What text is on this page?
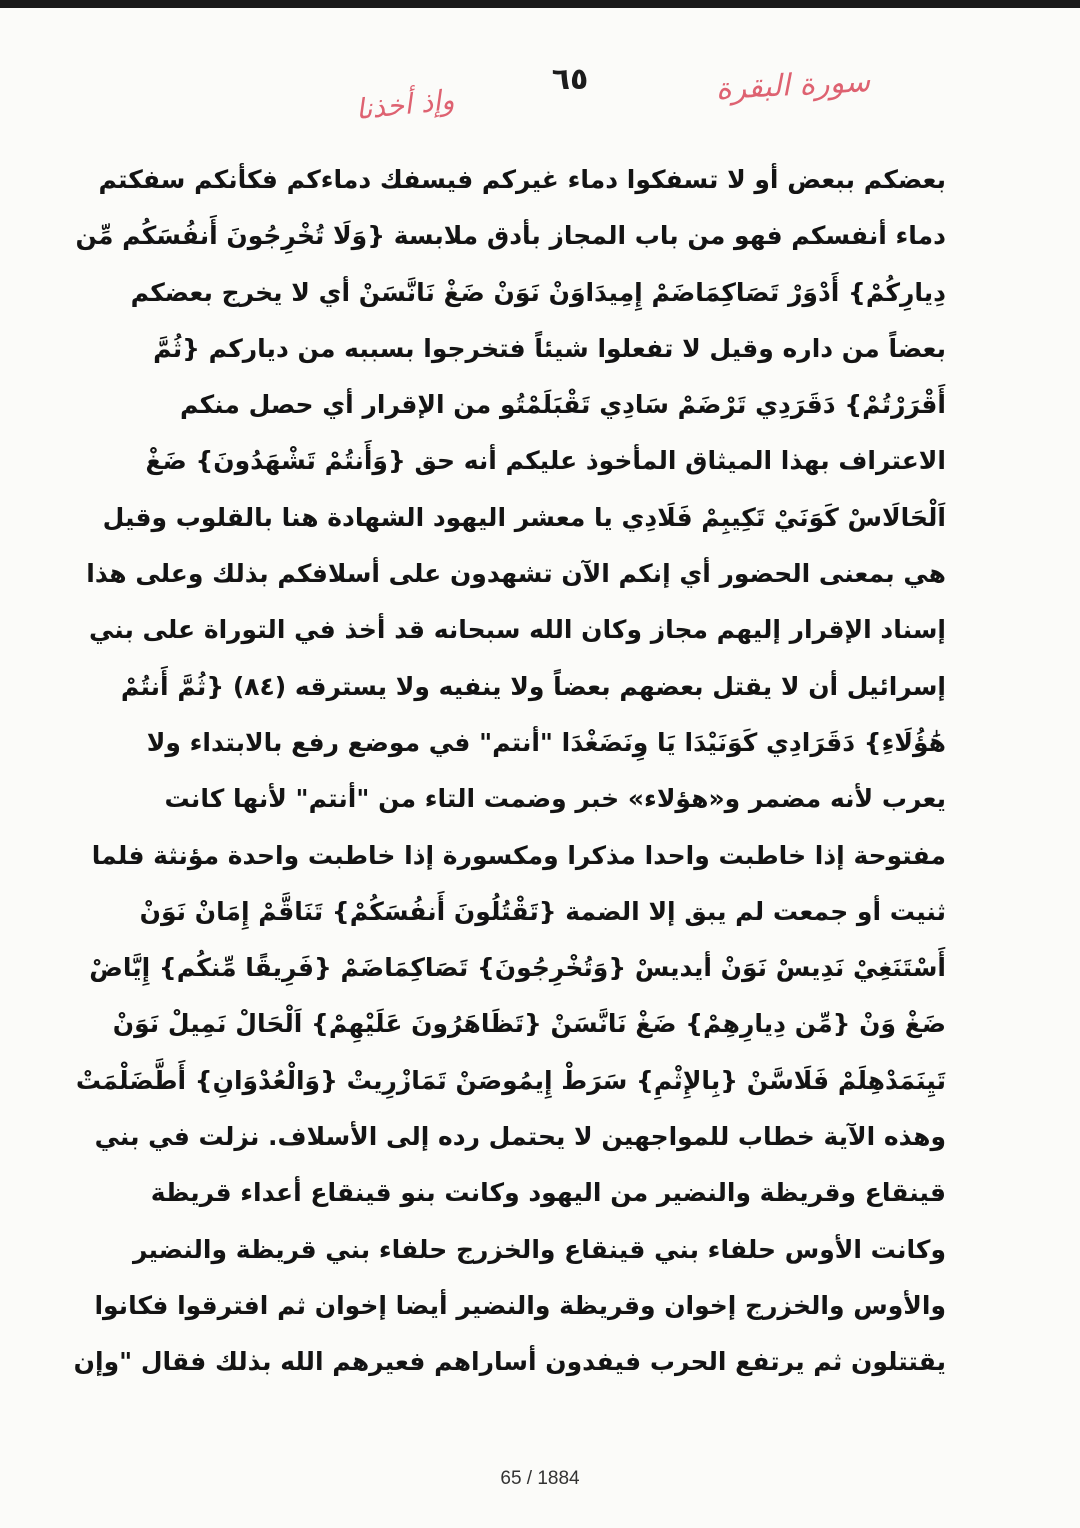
سورة البقرة
وإذ أخذنا
٦٥
بعضكم ببعض أو لا تسفكوا دماء غيركم فيسفك دماءكم فكأنكم سفكتم
دماء أنفسكم فهو من باب المجاز بأدق ملابسة {وَلَا تُخْرِجُونَ أَنفُسَكُم مِّن
دِيارِكُمْ} أَدْوَرْ تَصَاكِمَاضَمْ إِمِيدَاوَنْ نَوَنْ ضَغْ نَانَّسَنْ أي لا يخرج بعضكم
بعضاً من داره وقيل لا تفعلوا شيئاً فتخرجوا بسببه من دياركم {ثُمَّ
أَقْرَرْتُمْ} دَقَرَدِي تَرْضَمْ سَادِي تَقْبَلَمْتُو من الإقرار أي حصل منكم
الاعتراف بهذا الميثاق المأخوذ عليكم أنه حق {وَأَنتُمْ تَشْهَدُونَ} ضَغْ
اَلْحَالَاسْ كَوَنَيْ تَكِيبِمْ فَلَادِي يا معشر اليهود الشهادة هنا بالقلوب وقيل
هي بمعنى الحضور أي إنكم الآن تشهدون على أسلافكم بذلك وعلى هذا
إسناد الإقرار إليهم مجاز وكان الله سبحانه قد أخذ في التوراة على بني
إسرائيل أن لا يقتل بعضهم بعضاً ولا ينفيه ولا يسترقه (٨٤) {ثُمَّ أَنتُمْ
هَٰؤُلَاءِ} دَقَرَادِي كَوَنَيْدَا يَا وِنَضَغْدَا "أنتم" في موضع رفع بالابتداء ولا
يعرب لأنه مضمر و«هؤلاء» خبر وضمت التاء من "أنتم" لأنها كانت
مفتوحة إذا خاطبت واحدا مذكرا ومكسورة إذا خاطبت واحدة مؤنثة فلما
ثنيت أو جمعت لم يبق إلا الضمة {تَقْتُلُونَ أَنفُسَكُمْ} تَنَاقَّمْ إِمَانْ نَوَنْ
أَسْتَنَغِيْ نَدِيسْ نَوَنْ أيديسْ {وَتُخْرِجُونَ} تَصَاكِمَاضَمْ {فَرِيقًا مِّنكُم} إِيَّاضْ
ضَغْ وَنْ {مِّن دِيارِهِمْ} ضَغْ نَانَّسَنْ {تَظَاهَرُونَ عَلَيْهِمْ} اَلْحَالْ نَمِيلْ نَوَنْ
تَيِنَمَدْهِلَمْ فَلَاسَّنْ {بِالإِثْمِ} سَرَطْ إِيمُوصَنْ تَمَازْرِيتْ {وَالْعُدْوَانِ} أَطَّضَلْمَتْ
وهذه الآية خطاب للمواجهين لا يحتمل رده إلى الأسلاف. نزلت في بني
قينقاع وقريظة والنضير من اليهود وكانت بنو قينقاع أعداء قريظة
وكانت الأوس حلفاء بني قينقاع والخزرج حلفاء بني قريظة والنضير
والأوس والخزرج إخوان وقريظة والنضير أيضا إخوان ثم افترقوا فكانوا
يقتتلون ثم يرتفع الحرب فيفدون أساراهم فعيرهم الله بذلك فقال "وإن
65 / 1884
